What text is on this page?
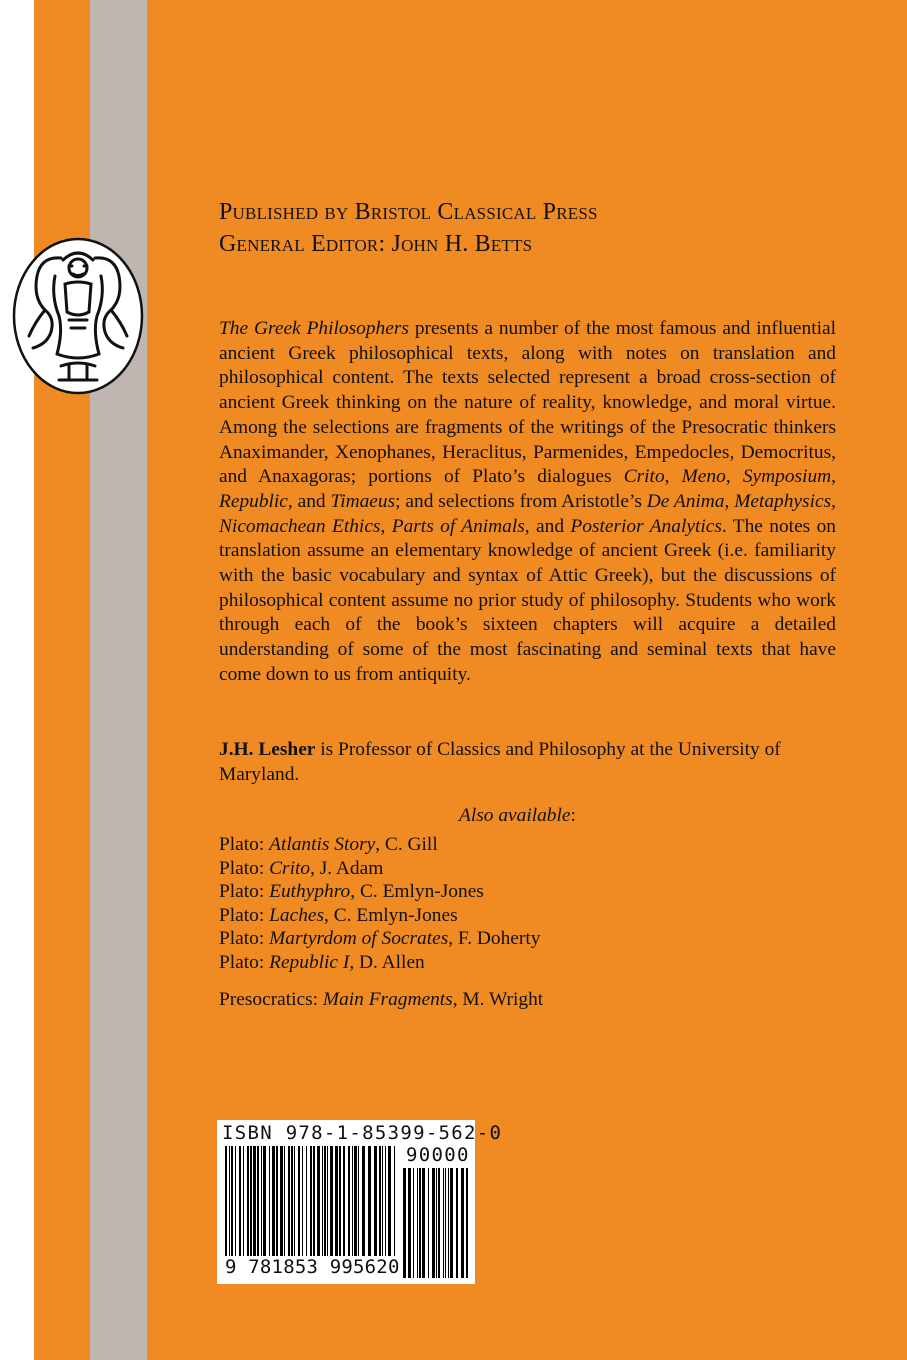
Published by Bristol Classical Press
General Editor: John H. Betts

The Greek Philosophers presents a number of the most famous and influential ancient Greek philosophical texts, along with notes on translation and philosophical content. The texts selected represent a broad cross-section of ancient Greek thinking on the nature of reality, knowledge, and moral virtue. Among the selections are fragments of the writings of the Presocratic thinkers Anaximander, Xenophanes, Heraclitus, Parmenides, Empedocles, Democritus, and Anaxagoras; portions of Plato’s dialogues Crito, Meno, Symposium, Republic, and Timaeus; and selections from Aristotle’s De Anima, Metaphysics, Nicomachean Ethics, Parts of Animals, and Posterior Analytics. The notes on translation assume an elementary knowledge of ancient Greek (i.e. familiarity with the basic vocabulary and syntax of Attic Greek), but the discussions of philosophical content assume no prior study of philosophy. Students who work through each of the book’s sixteen chapters will acquire a detailed understanding of some of the most fascinating and seminal texts that have come down to us from antiquity.

J.H. Lesher is Professor of Classics and Philosophy at the University of Maryland.

Also available:
Plato: Atlantis Story, C. Gill
Plato: Crito, J. Adam
Plato: Euthyphro, C. Emlyn-Jones
Plato: Laches, C. Emlyn-Jones
Plato: Martyrdom of Socrates, F. Doherty
Plato: Republic I, D. Allen
Presocratics: Main Fragments, M. Wright
ISBN 978-1-85399-562-0
90000
9 781853 995620
